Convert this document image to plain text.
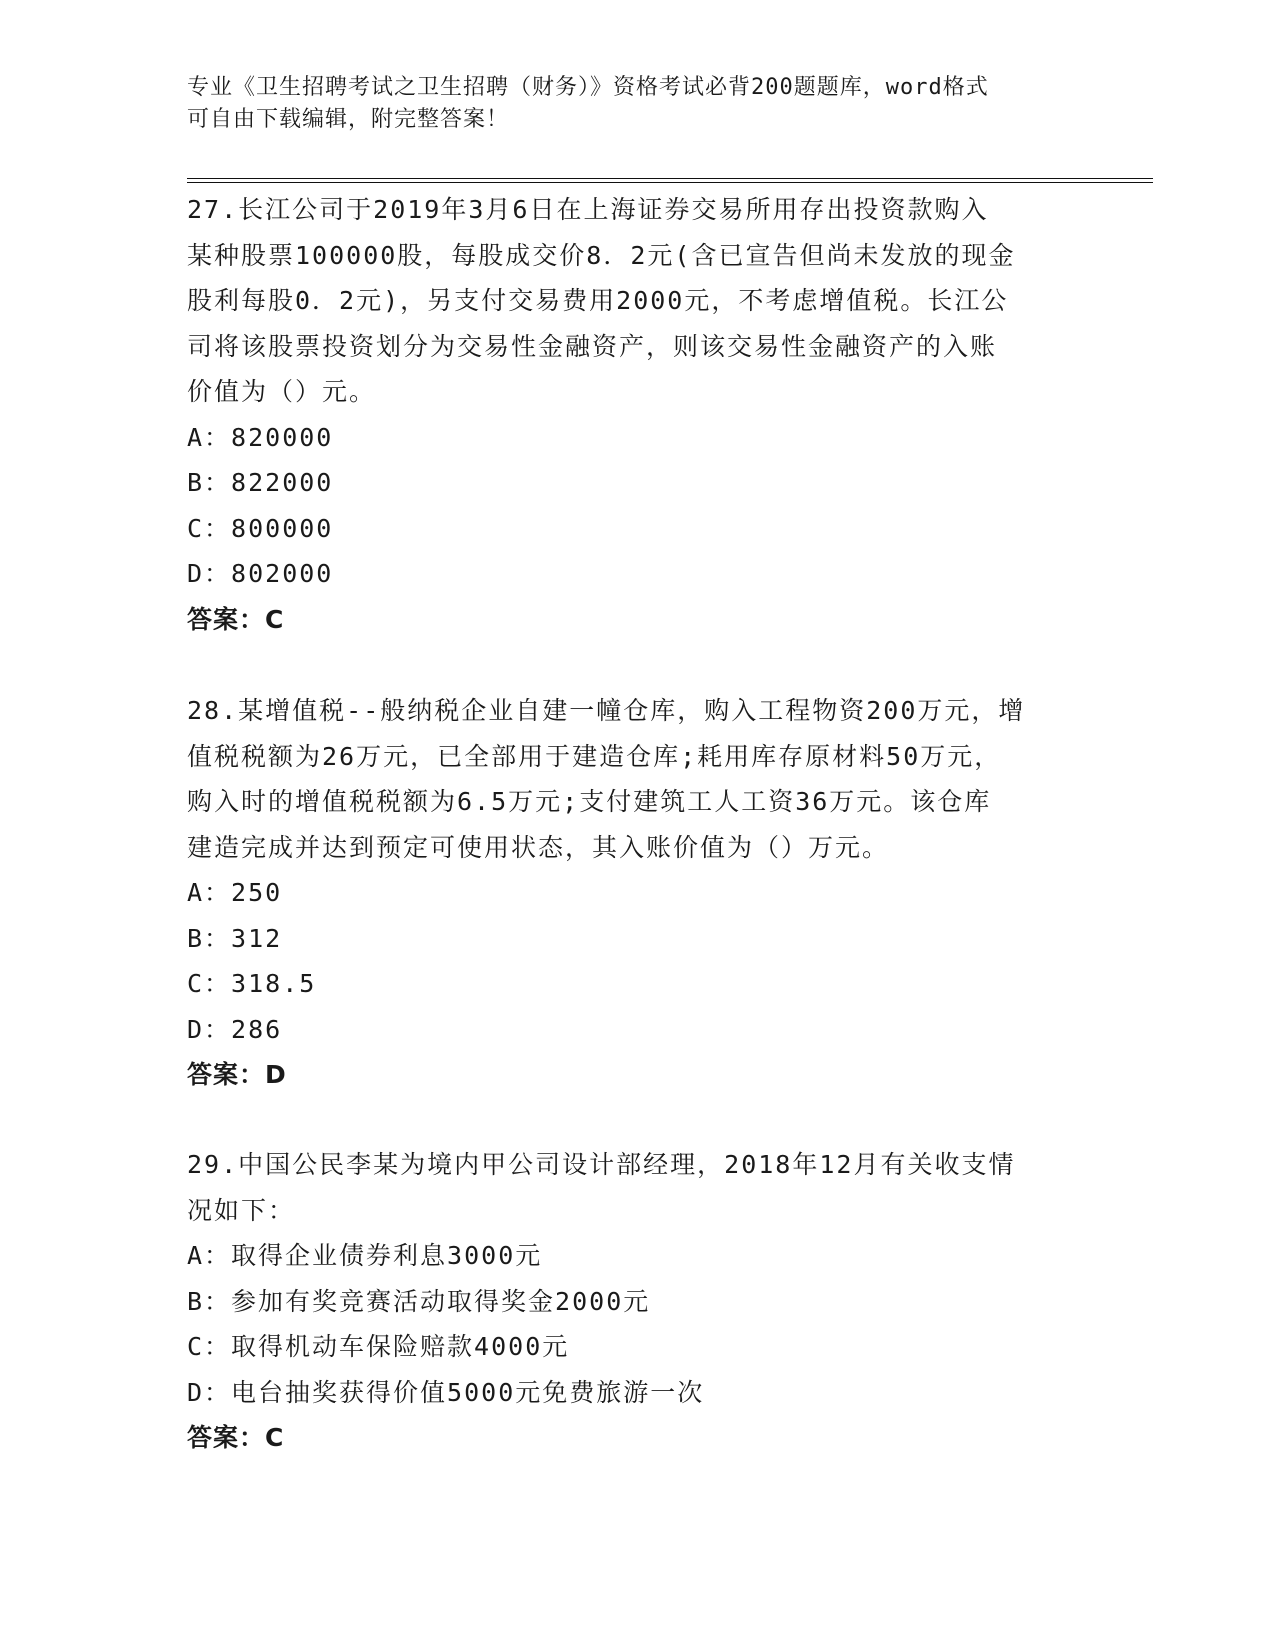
专业《卫生招聘考试之卫生招聘（财务）》资格考试必背200题题库，word格式
可自由下载编辑，附完整答案！
27.长江公司于2019年3月6日在上海证券交易所用存出投资款购入
某种股票100000股，每股成交价8．2元(含已宣告但尚未发放的现金
股利每股0．2元)，另支付交易费用2000元，不考虑增值税。长江公
司将该股票投资划分为交易性金融资产，则该交易性金融资产的入账
价值为（）元。
A：820000
B：822000
C：800000
D：802000
答案：C
28.某增值税--般纳税企业自建一幢仓库，购入工程物资200万元，增
值税税额为26万元，已全部用于建造仓库;耗用库存原材料50万元，
购入时的增值税税额为6.5万元;支付建筑工人工资36万元。该仓库
建造完成并达到预定可使用状态，其入账价值为（）万元。
A：250
B：312
C：318.5
D：286
答案：D
29.中国公民李某为境内甲公司设计部经理，2018年12月有关收支情
况如下：
A：取得企业债券利息3000元
B：参加有奖竞赛活动取得奖金2000元
C：取得机动车保险赔款4000元
D：电台抽奖获得价值5000元免费旅游一次
答案：C
